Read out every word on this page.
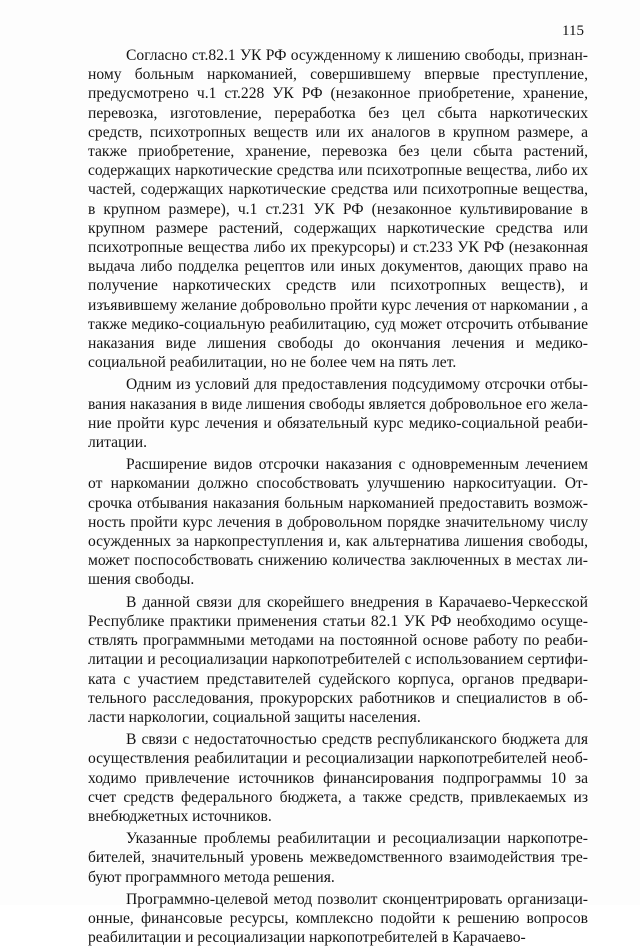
115

Согласно ст.82.1 УК РФ осужденному к лишению свободы, признанному больным наркоманией, совершившему впервые преступление, предусмотрено ч.1 ст.228 УК РФ (незаконное приобретение, хранение, перевозка, изготовление, переработка без цел сбыта наркотических средств, психотропных веществ или их аналогов в крупном размере, а также приобретение, хранение, перевозка без цели сбыта растений, содержащих наркотические средства или психотропные вещества, либо их частей, содержащих наркотические средства или психотропные вещества, в крупном размере), ч.1 ст.231 УК РФ (незаконное культивирование в крупном размере растений, содержащих наркотические средства или психотропные вещества либо их прекурсоры) и ст.233 УК РФ (незаконная выдача либо подделка рецептов или иных документов, дающих право на получение наркотических средств или психотропных веществ), и изъявившему желание добровольно пройти курс лечения от наркомании , а также медико-социальную реабилитацию, суд может отсрочить отбывание наказания виде лишения свободы до окончания лечения и медико-социальной реабилитации, но не более чем на пять лет.

Одним из условий для предоставления подсудимому отсрочки отбывания наказания в виде лишения свободы является добровольное его желание пройти курс лечения и обязательный курс медико-социальной реабилитации.

Расширение видов отсрочки наказания с одновременным лечением от наркомании должно способствовать улучшению наркоситуации. Отсрочка отбывания наказания больным наркоманией предоставить возможность пройти курс лечения в добровольном порядке значительному числу осужденных за наркопреступления и, как альтернатива лишения свободы, может поспособствовать снижению количества заключенных в местах лишения свободы.

В данной связи для скорейшего внедрения в Карачаево-Черкесской Республике практики применения статьи 82.1 УК РФ необходимо осуществлять программными методами на постоянной основе работу по реабилитации и ресоциализации наркопотребителей с использованием сертификата с участием представителей судейского корпуса, органов предварительного расследования, прокурорских работников и специалистов в области наркологии, социальной защиты населения.

В связи с недостаточностью средств республиканского бюджета для осуществления реабилитации и ресоциализации наркопотребителей необходимо привлечение источников финансирования подпрограммы 10 за счет средств федерального бюджета, а также средств, привлекаемых из внебюджетных источников.

Указанные проблемы реабилитации и ресоциализации наркопотребителей, значительный уровень межведомственного взаимодействия требуют программного метода решения.

Программно-целевой метод позволит сконцентрировать организационные, финансовые ресурсы, комплексно подойти к решению вопросов реабилитации и ресоциализации наркопотребителей в Карачаево-
